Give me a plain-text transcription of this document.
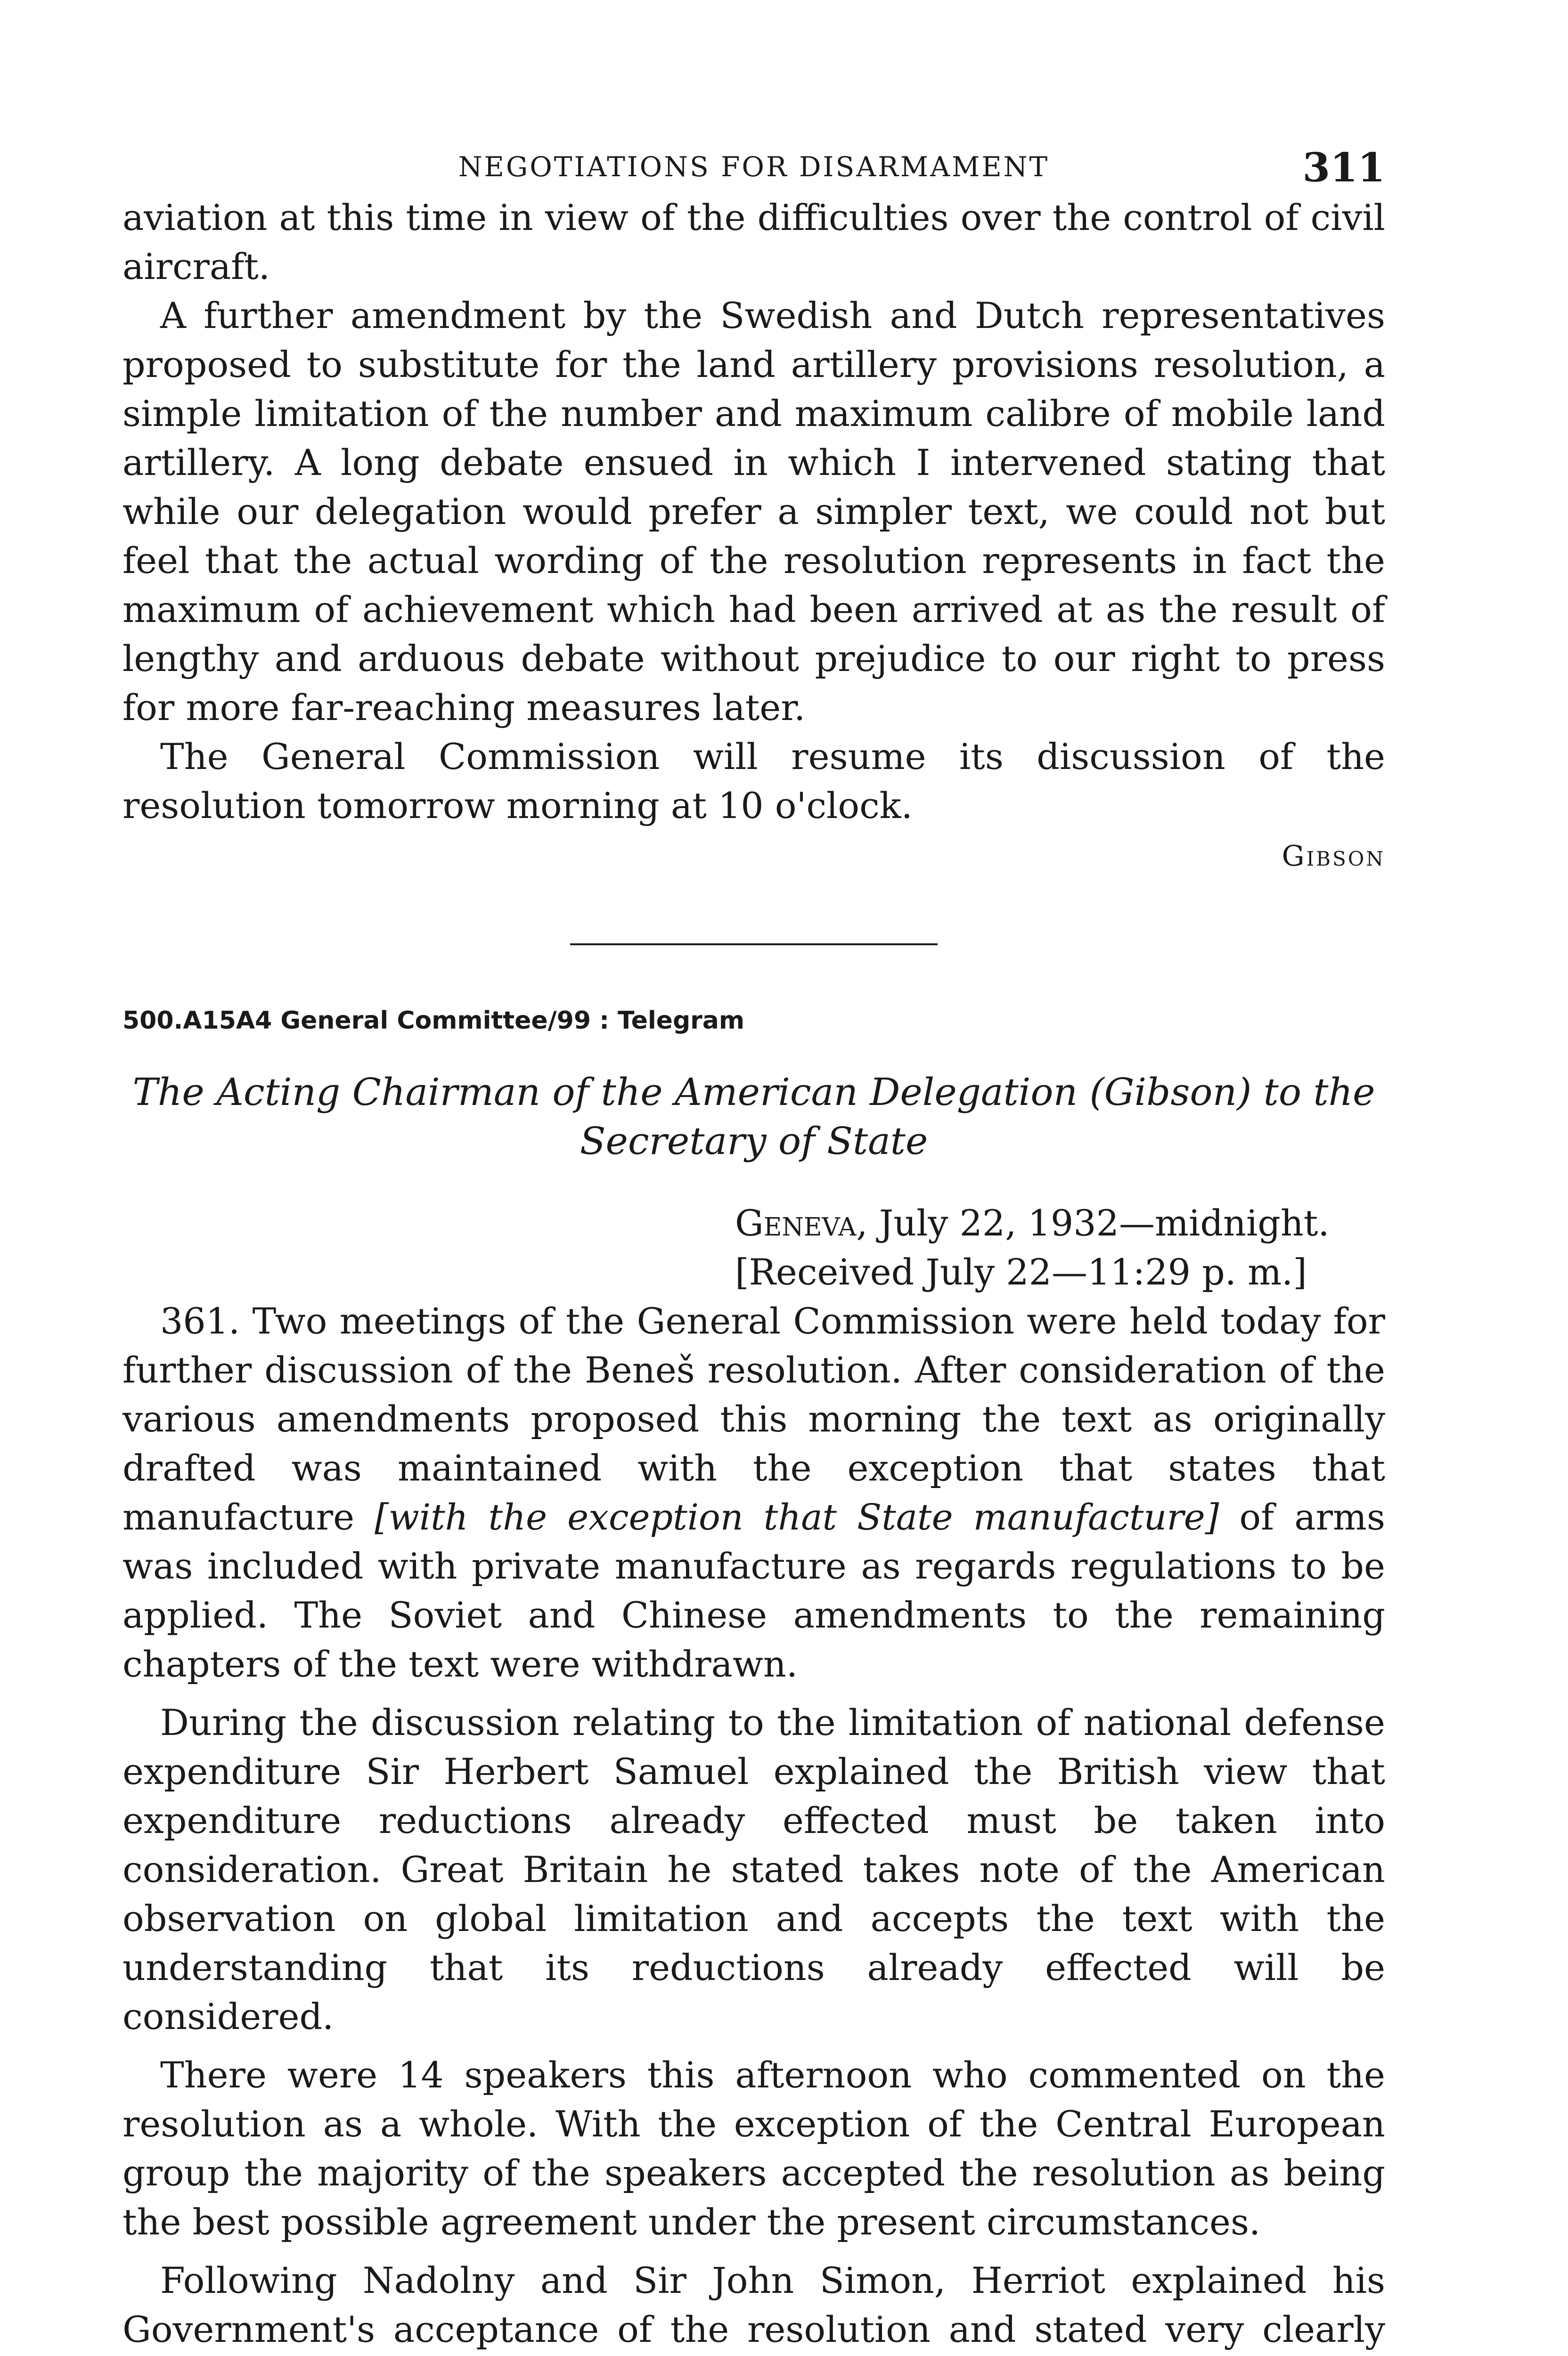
NEGOTIATIONS FOR DISARMAMENT	311

aviation at this time in view of the difficulties over the control of civil aircraft.

A further amendment by the Swedish and Dutch representatives proposed to substitute for the land artillery provisions resolution, a simple limitation of the number and maximum calibre of mobile land artillery. A long debate ensued in which I intervened stating that while our delegation would prefer a simpler text, we could not but feel that the actual wording of the resolution represents in fact the maximum of achievement which had been arrived at as the result of lengthy and arduous debate without prejudice to our right to press for more far-reaching measures later.

The General Commission will resume its discussion of the resolution tomorrow morning at 10 o'clock.

Gibson
500.A15A4 General Committee/99 : Telegram
The Acting Chairman of the American Delegation (Gibson) to the Secretary of State
Geneva, July 22, 1932—midnight.
[Received July 22—11:29 p. m.]

361. Two meetings of the General Commission were held today for further discussion of the Beneš resolution. After consideration of the various amendments proposed this morning the text as originally drafted was maintained with the exception that states that manufacture [with the exception that State manufacture] of arms was included with private manufacture as regards regulations to be applied. The Soviet and Chinese amendments to the remaining chapters of the text were withdrawn.

During the discussion relating to the limitation of national defense expenditure Sir Herbert Samuel explained the British view that expenditure reductions already effected must be taken into consideration. Great Britain he stated takes note of the American observation on global limitation and accepts the text with the understanding that its reductions already effected will be considered.

There were 14 speakers this afternoon who commented on the resolution as a whole. With the exception of the Central European group the majority of the speakers accepted the resolution as being the best possible agreement under the present circumstances.

Following Nadolny and Sir John Simon, Herriot explained his Government's acceptance of the resolution and stated very clearly
